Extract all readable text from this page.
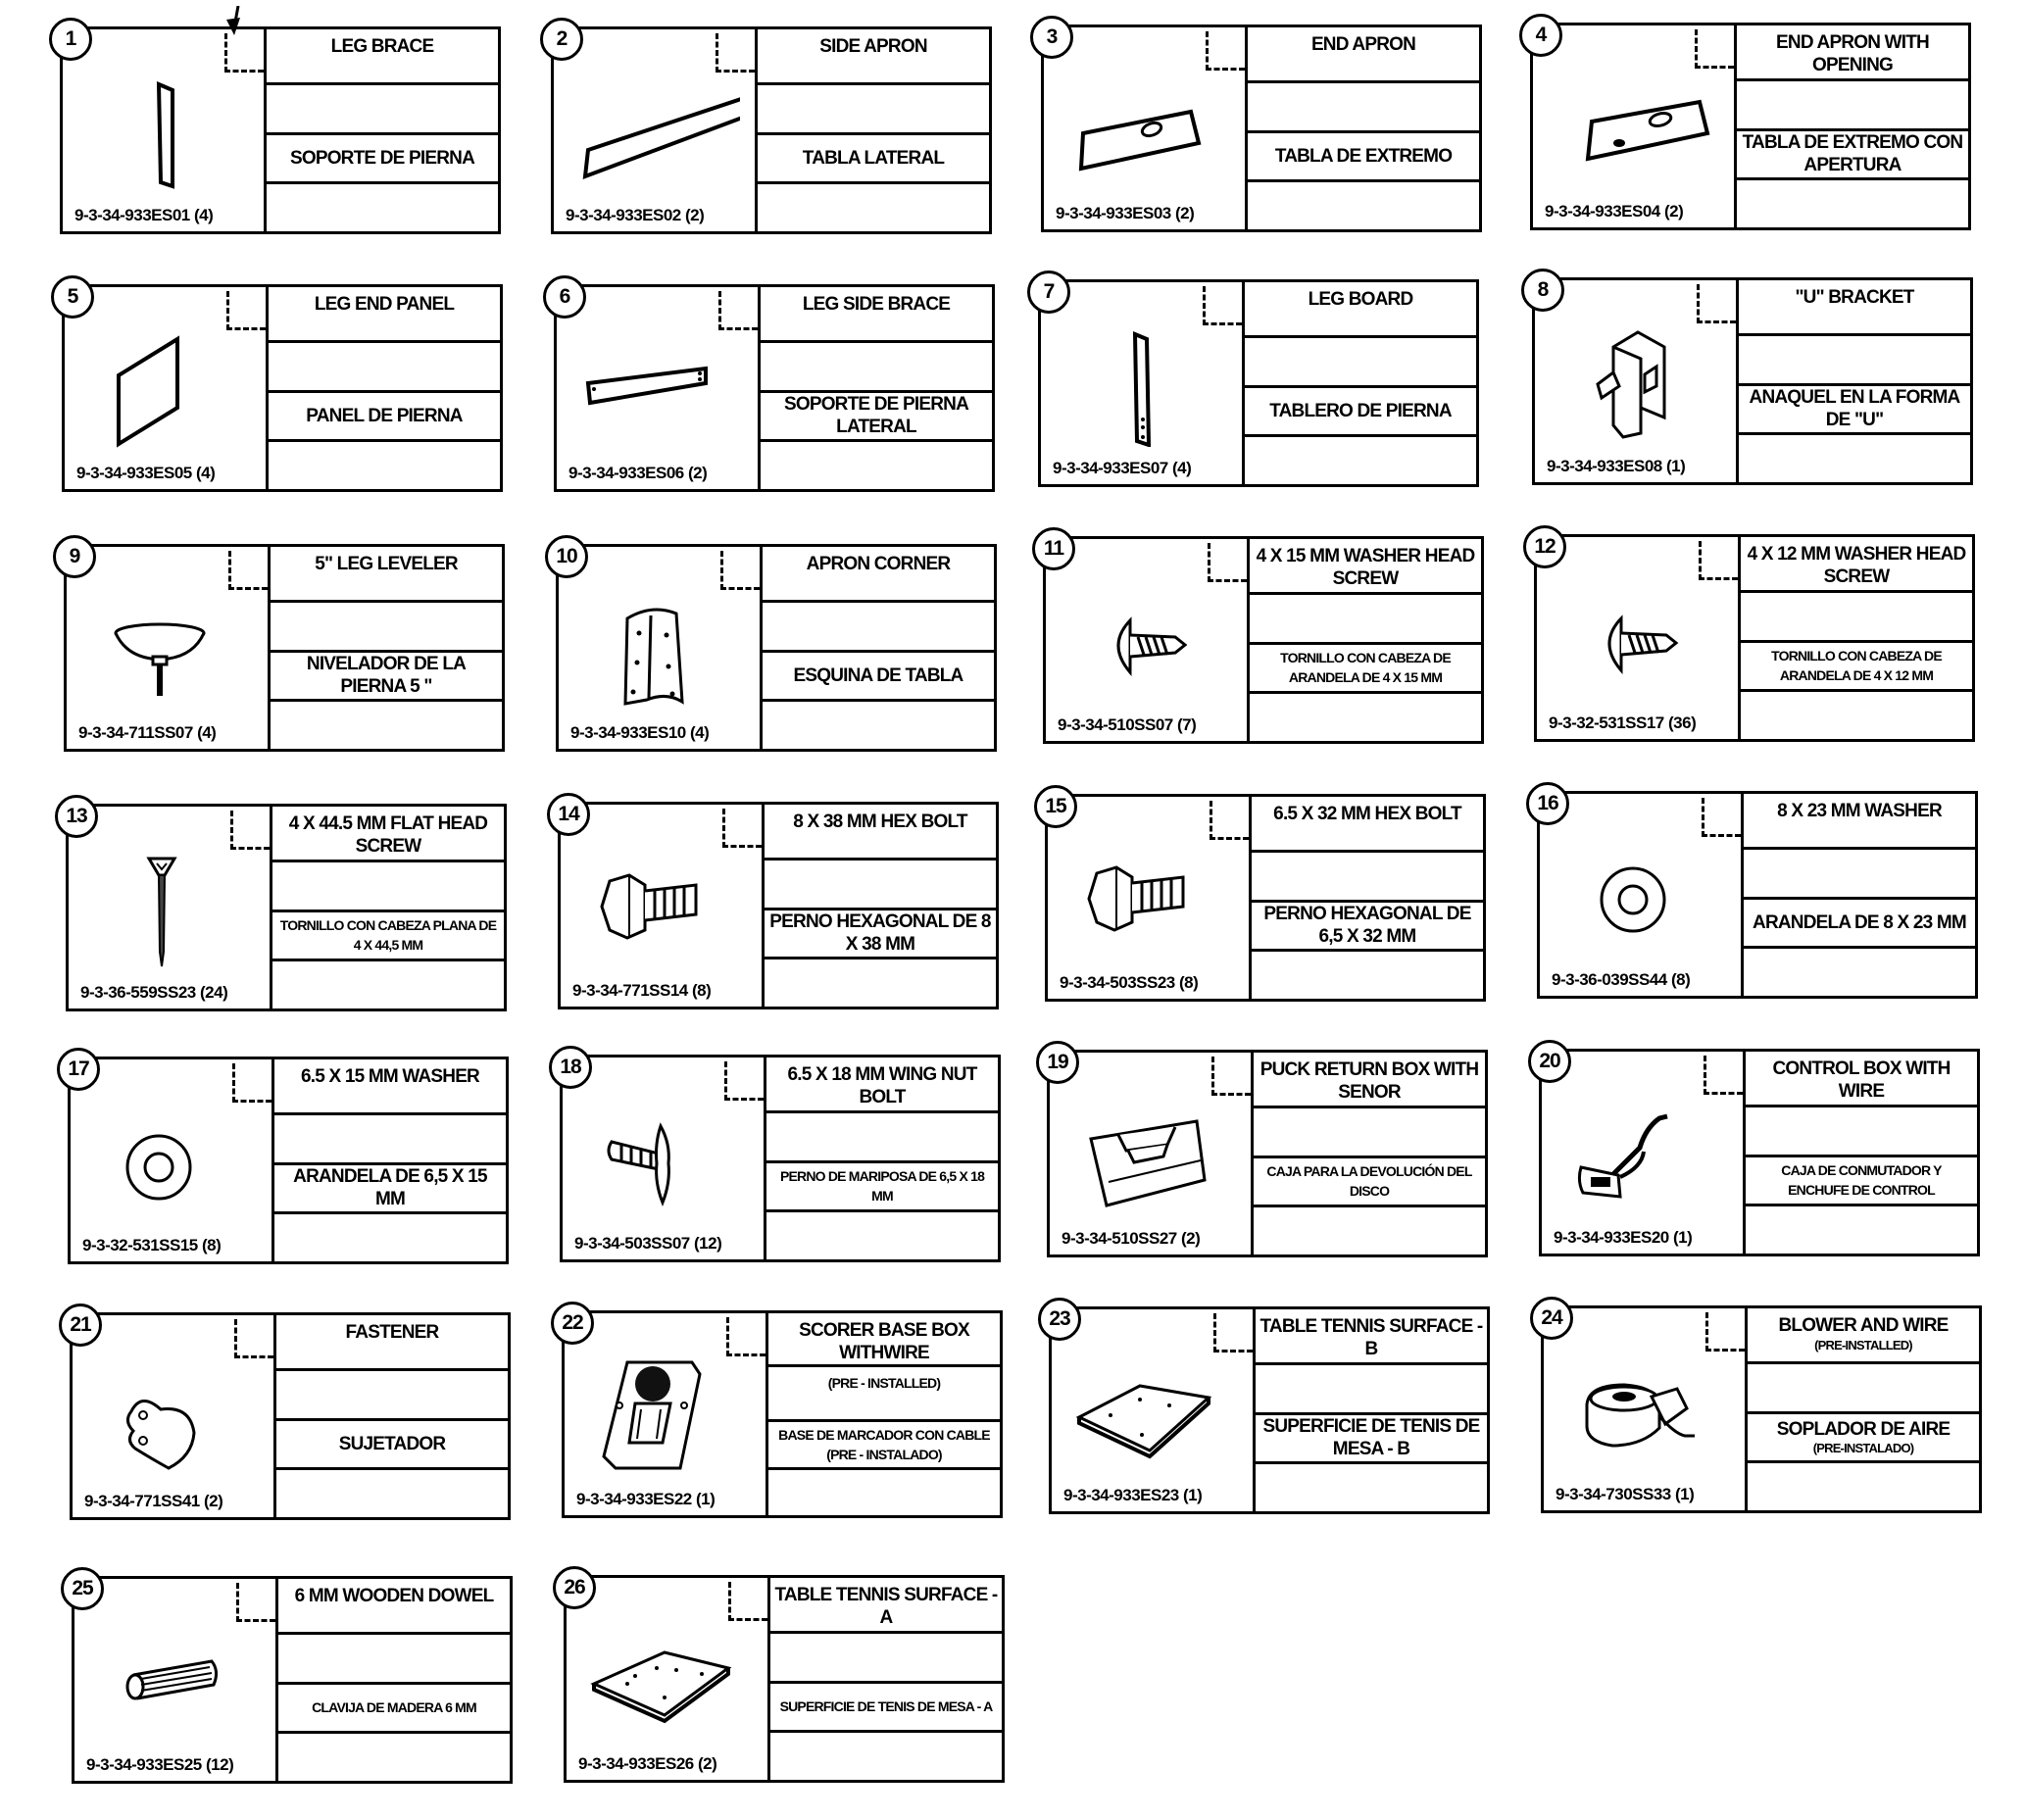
9-3-34-933ES01 (4)
LEG BRACE
SOPORTE DE PIERNA
1
9-3-34-933ES02 (2)
SIDE APRON
TABLA LATERAL
2
9-3-34-933ES03 (2)
END APRON
TABLA DE EXTREMO
3
9-3-34-933ES04 (2)
END APRON WITH OPENING
TABLA DE EXTREMO CON APERTURA
4
9-3-34-933ES05 (4)
LEG END PANEL
PANEL DE PIERNA
5
9-3-34-933ES06 (2)
LEG SIDE BRACE
SOPORTE DE PIERNA LATERAL
6
9-3-34-933ES07 (4)
LEG BOARD
TABLERO DE PIERNA
7
9-3-34-933ES08 (1)
"U" BRACKET
ANAQUEL EN LA FORMA DE "U"
8
9-3-34-711SS07 (4)
5" LEG LEVELER
NIVELADOR DE LA PIERNA 5 "
9
9-3-34-933ES10 (4)
APRON CORNER
ESQUINA DE TABLA
10
9-3-34-510SS07 (7)
4 X 15 MM WASHER HEAD SCREW
TORNILLO CON CABEZA DE ARANDELA DE 4 X 15 MM
11
9-3-32-531SS17 (36)
4 X 12 MM WASHER HEAD SCREW
TORNILLO CON CABEZA DE ARANDELA DE 4 X 12 MM
12
9-3-36-559SS23 (24)
4 X 44.5 MM FLAT HEAD SCREW
TORNILLO CON CABEZA PLANA DE 4 X 44,5 MM
13
9-3-34-771SS14 (8)
8 X 38 MM HEX BOLT
PERNO HEXAGONAL DE 8 X 38 MM
14
9-3-34-503SS23 (8)
6.5 X 32 MM HEX BOLT
PERNO HEXAGONAL DE 6,5 X 32 MM
15
9-3-36-039SS44 (8)
8 X 23 MM WASHER
ARANDELA DE 8 X 23 MM
16
9-3-32-531SS15 (8)
6.5 X 15 MM WASHER
ARANDELA DE 6,5 X 15 MM
17
9-3-34-503SS07 (12)
6.5 X 18 MM WING NUT BOLT
PERNO DE MARIPOSA DE 6,5 X 18 MM
18
9-3-34-510SS27 (2)
PUCK RETURN BOX WITH SENOR
CAJA PARA LA DEVOLUCIÓN DEL DISCO
19
9-3-34-933ES20 (1)
CONTROL BOX WITH WIRE
CAJA DE CONMUTADOR Y ENCHUFE DE CONTROL
20
9-3-34-771SS41 (2)
FASTENER
SUJETADOR
21
9-3-34-933ES22 (1)
SCORER BASE BOX WITHWIRE
(PRE - INSTALLED)
BASE DE MARCADOR CON CABLE (PRE - INSTALADO)
22
9-3-34-933ES23 (1)
TABLE TENNIS SURFACE - B
SUPERFICIE DE TENIS DE MESA - B
23
9-3-34-730SS33 (1)
BLOWER AND WIRE
(PRE-INSTALLED)
SOPLADOR DE AIRE
(PRE-INSTALADO)
24
9-3-34-933ES25 (12)
6 MM WOODEN DOWEL
CLAVIJA DE MADERA 6 MM
25
9-3-34-933ES26 (2)
TABLE TENNIS SURFACE - A
SUPERFICIE DE TENIS DE MESA - A
26
